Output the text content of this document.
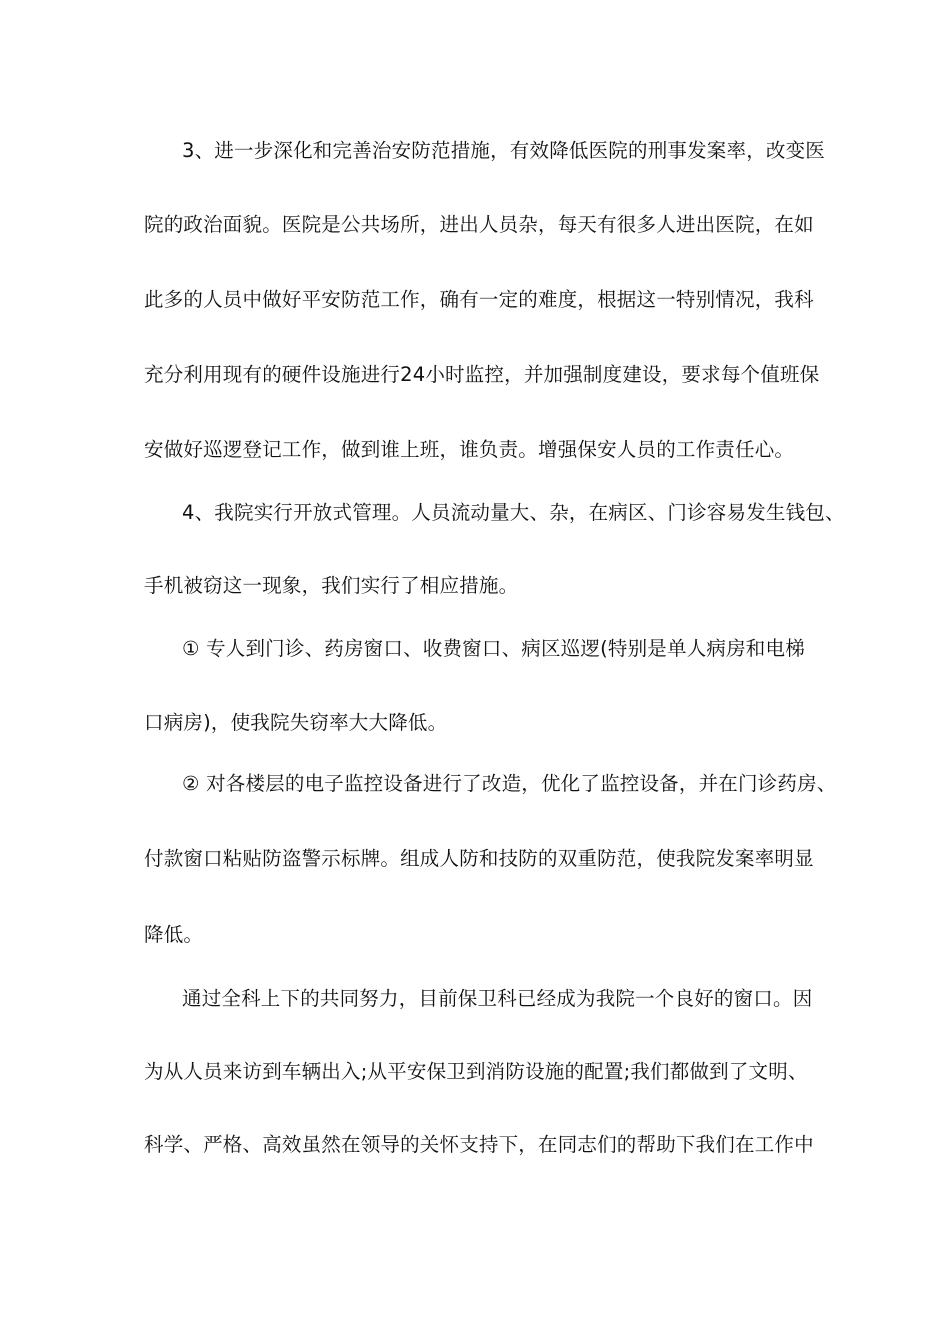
3、进一步深化和完善治安防范措施，有效降低医院的刑事发案率，改变医
院的政治面貌。医院是公共场所，进出人员杂，每天有很多人进出医院，在如
此多的人员中做好平安防范工作，确有一定的难度，根据这一特别情况，我科
充分利用现有的硬件设施进行24小时监控，并加强制度建设，要求每个值班保
安做好巡逻登记工作，做到谁上班，谁负责。增强保安人员的工作责任心。
4、我院实行开放式管理。人员流动量大、杂，在病区、门诊容易发生钱包、
手机被窃这一现象，我们实行了相应措施。
① 专人到门诊、药房窗口、收费窗口、病区巡逻(特别是单人病房和电梯
口病房)，使我院失窃率大大降低。
② 对各楼层的电子监控设备进行了改造，优化了监控设备，并在门诊药房、
付款窗口粘贴防盗警示标牌。组成人防和技防的双重防范，使我院发案率明显
降低。
通过全科上下的共同努力，目前保卫科已经成为我院一个良好的窗口。因
为从人员来访到车辆出入;从平安保卫到消防设施的配置;我们都做到了文明、
科学、严格、高效虽然在领导的关怀支持下，在同志们的帮助下我们在工作中
